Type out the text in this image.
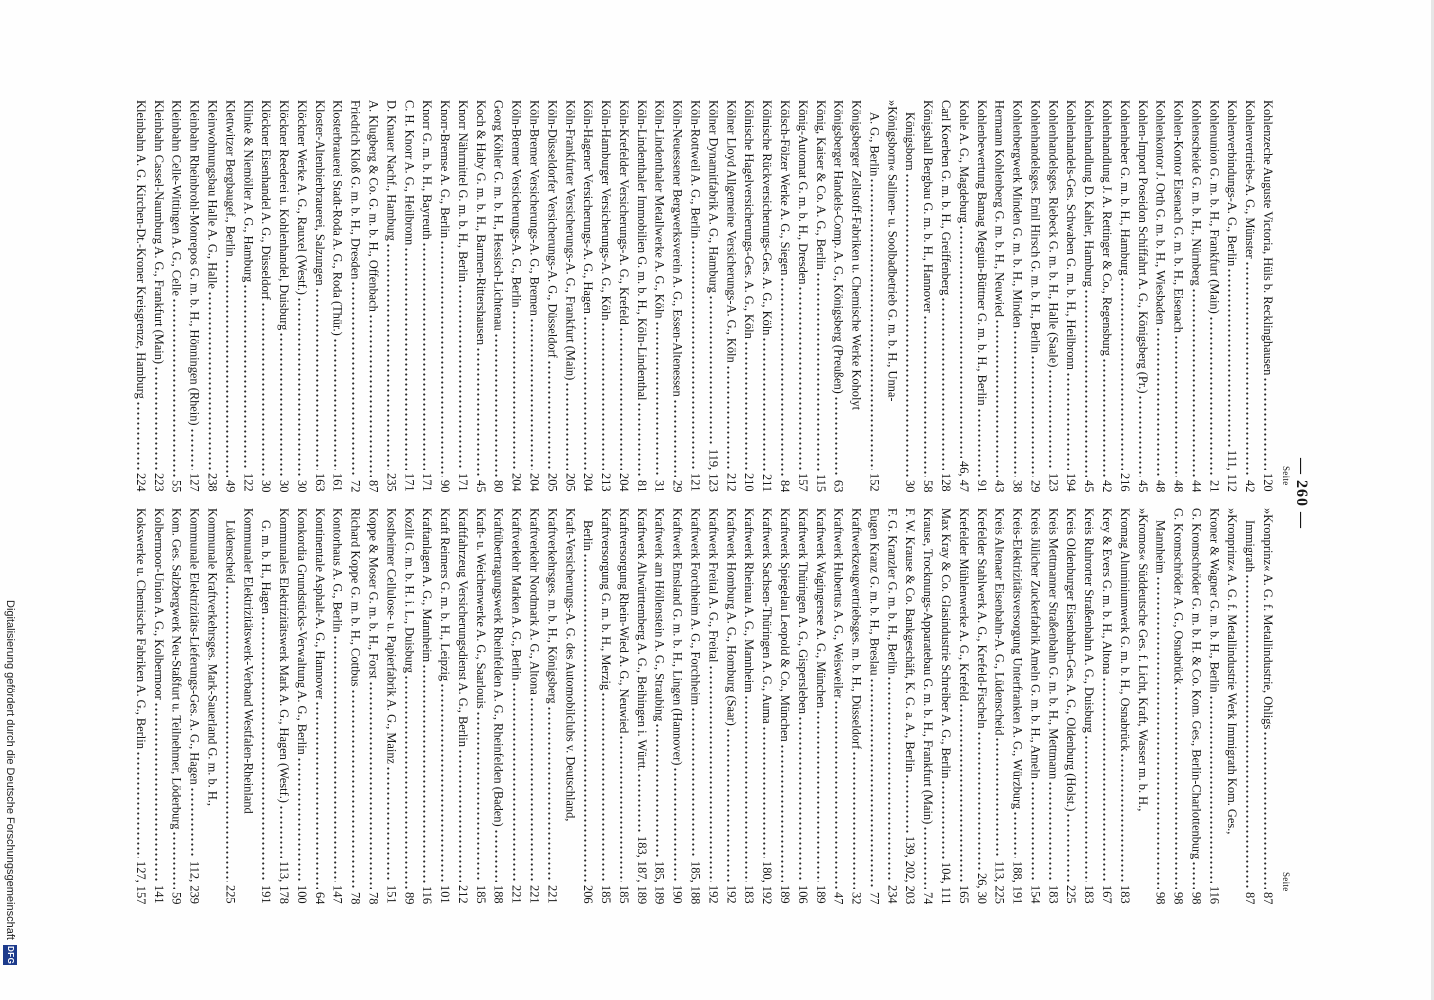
Kleinbahn A. G. Kirchen-Dt.-Kroner Kreisgrenze, Hamburg
224
Kleinbahn Cassel-Naumburg A. G., Frankfurt (Main)
223
Kleinbahn Celle-Wittingen A. G., Celle
55
Kleinbahn Rheinbrohl-Monrepos G. m. b. H., Hönningen (Rhein)
127
Kleinwohnungsbau Halle A. G., Halle
238
Klettwitzer Bergbaugef., Berlin
49
Klinke & Niemöller A. G., Hamburg
122
Klöckner Eisenhandel A. G., Düsseldorf
30
Klöckner Reederei u. Kohlenhandel, Duisburg
30
Klöckner Werke A. G., Rauxel (Westf.)
30
Kloster-Altenbierbrauerei, Salzungen
163
Klosterbrauerei Stadt-Roda A. G., Roda (Thür.)
161
Friedrich Kloß G. m. b. H., Dresden
72
A. Klugberg & Co. G. m. b. H., Offenbach
87
D. Knauer Nachf., Hamburg
235
C. H. Knorr A. G., Heilbronn
171
Knorr G. m. b. H., Bayreuth
171
Knorr-Bremse A. G., Berlin
90
Knorr Nährmittel G. m. b. H., Berlin
171
Koch & Haby G. m. b. H., Barmen-Rittershausen
45
Georg Köhler G. m. b. H., Hessisch-Lichtenau
80
Köln-Bremer Versicherungs-A. G., Berlin
204
Köln-Bremer Versicherungs-A. G., Bremen
204
Köln-Düsseldorfer Versicherungs-A. G., Düsseldorf
205
Köln-Frankfurter Versicherungs-A. G., Frankfurt (Main)
205
Köln-Hagener Versicherungs-A. G., Hagen
204
Köln-Hamburger Versicherungs-A. G., Köln
213
Köln-Krefelder Versicherungs-A. G., Krefeld
204
Köln-Lindenthaler Immobilien G. m. b. H., Köln-Lindenthal
81
Köln-Lindenthaler Metallwerke A. G., Köln
31
Köln-Neuessener Bergwerksverein A. G., Essen-Altenessen
29
Köln-Rottweil A. G., Berlin
121
Kölner Dynamitfabrik A. G., Hamburg
119, 123
Kölner Lloyd Allgemeine Versicherungs-A. G., Köln
212
Kölnische Hagelversicherungs-Ges. A. G., Köln
210
Kölnische Rückversicherungs-Ges. A. G., Köln
211
Kölsch-Fölzer Werke A. G., Siegen
84
König-Automat G. m. b. H., Dresden
157
König, Kaiser & Co. A. G., Berlin
115
Königsberger Handels-Comp. A. G., Königsberg (Preußen)
63
Königsberger Zellstoff-Fabriken u. Chemische Werke Koholyt A. G., Berlin
152
»Königsborn« Salinen- u. Soolbadbetrieb G. m. b. H., Unna- Königsborn
30
Königshall Bergbau G. m. b. H., Hannover
58
Carl Koerben G. m. b. H., Greiffenberg
128
Kohle A. G., Magdeburg
46, 47
Kohlenbewertung Bamag Meguin-Büttner G. m. b. H., Berlin
91
Hermann Kohlenberg G. m. b. H., Neuwied
43
Kohlenbergwerk Minden G. m. b. H., Minden
38
Kohlenhandelsges. Emil Hirsch G. m. b. H., Berlin
29
Kohlenhandelsges. Riebeck G. m. b. H., Halle (Saale)
123
Kohlenhandels-Ges. Schwaben G. m. b. H., Heilbronn
194
Kohlenhandlung D. Kahler, Hamburg
45
Kohlenhandlung J. A. Rettinger & Co., Regensburg
42
Kohlenheber G. m. b. H., Hamburg
216
Kohlen-Import Poseidon Schiffahrt A. G., Königsberg (Pr.)
45
Kohlenkontor J. Orth G. m. b. H., Wiesbaden
48
Kohlen-Kontor Eisenach G. m. b. H., Eisenach
48
Kohlenscheide G. m. b. H., Nürnberg
44
Kohlenunion G. m. b. H., Frankfurt (Main)
21
Kohlenverbindungs-A. G., Berlin
111, 112
Kohlenvertriebs-A. G., Münster
42
Kohlenzeche Auguste Victoria, Hüls b. Recklinghausen
120
Kokswerke u. Chemische Fabriken A. G., Berlin
127, 157
Kolbermoor-Union A. G., Kolbermoor
141
Kom. Ges. Salzbergwerk Neu-Staßfurt u. Teilnehmer, Löderburg
59
Kommunale Elektrizitäts-Lieferungs-Ges. A. G., Hagen
112, 239
Kommunale Kraftverkehrsges. Mark-Sauerland G. m. b. H., Lüdenscheid
225
Kommunaler Elektrizitätswerk-Verband Westfalen-Rheinland G. m. b. H., Hagen
191
Kommunales Elektrizitätswerk Mark A. G., Hagen (Westf.)
113, 178
Konkordia Grundstücks-Verwaltung A. G., Berlin
100
Kontinentale Asphalt-A. G., Hannover
64
Kontorhaus A. G., Berlin
147
Richard Koppe G. m. b. H., Cottbus
78
Koppe & Moser G. m. b. H., Forst
78
Kostheimer Cellulose- u. Papierfabrik A. G., Mainz
151
Kozlit G. m. b. H. i. L., Duisburg
89
Kraftanlagen A. G., Mannheim
116
Kraft Reimers G. m. b. H., Leipzig
101
Kraftfahrzeug Versicherungsdienst A. G., Berlin
212
Kraft- u. Weichenwerke A. G., Saarlouis
185
Kraftübertragungswerk Rheinfelden A. G., Rheinfelden (Baden)
188
Kraftverkehr Marken A. G., Berlin
221
Kraftverkehr Nordmark A. G., Altona
221
Kraftverkehrsges. m. b. H., Königsberg
221
Kraft-Versicherungs-A. G. des Automobilclubs v. Deutschland, Berlin
206
Kraftversorgung G. m. b. H., Merzig
185
Kraftversorgung Rhein-Wied A. G., Neuwied
185
Kraftwerk Altwürttemberg A. G., Beihingen i. Württ.
183, 187, 189
Kraftwerk am Höllenstein A. G., Straubing
185, 189
Kraftwerk Emsland G. m. b. H., Lingen (Hannover)
190
Kraftwerk Forchheim A. G., Forchheim
185, 188
Kraftwerk Freital A. G., Freital
192
Kraftwerk Homburg A. G., Homburg (Saar)
192
Kraftwerk Rheinau A. G., Mannheim
183
Kraftwerk Sachsen-Thüringen A. G., Auma
180, 192
Kraftwerk Spiegelau Leopold & Co., München
189
Kraftwerk Thüringen A. G., Gispersleben
106
Kraftwerk Wagingersee A. G., München
189
Kraftwerk Hubertus A. G., Weisweiler
47
Kraftwerkzeugvertriebsges. m. b. H., Düsseldorf
32
Eugen Kranz G. m. b. H., Breslau
77
F. G. Kranzler G. m. b. H., Berlin
234
F. W. Krause & Co. Bankgeschäft, K. G. a. A., Berlin
139, 202, 203
Krause, Trocknungs-Apparatebau G. m. b. H., Frankfurt (Main)
74
Max Kray & Co. Glasindustrie Schreiber A. G., Berlin
104, 111
Krefelder Mühlenwerke A. G., Krefeld
165
Krefelder Stahlwerk A. G., Krefeld-Fischeln
26, 30
Kreis Altenaer Eisenbahn-A. G., Lüdenscheid
113, 225
Kreis-Elektrizitätsversorgung Unterfranken A. G., Würzburg
188, 191
Kreis Jülicher Zuckerfabrik Ameln G. m. b. H., Ameln
154
Kreis Mettmanner Straßenbahn G. m. b. H., Mettmann
183
Kreis Oldenburger Eisenbahn-Ges. A. G., Oldenburg (Holst.)
225
Kreis Ruhrorter Straßenbahn A. G., Duisburg
183
Krey & Evers G. m. b. H., Altona
167
Kromag Aluminiumwerk G. m. b. H., Osnabrück
183
»Kromos« Süddeutsche Ges. f. Licht, Kraft, Wasser m. b. H., Mannheim
98
G. Kromschröder A. G., Osnabrück
98
G. Kromschröder G. m. b. H. & Co. Kom. Ges., Berlin-Charlottenburg
98
Kroner & Wagner G. m. b. H., Berlin
116
»Kronprinz« A. G. f. Metallindustrie Werk Immigrath Kom. Ges., Immigrath
87
»Kronprinz« A. G. f. Metallindustrie, Ohligs
87
Seite — 260 —
Seite
Digitalisierung gefördert durch die Deutsche Forschungsgemeinschaft
DFG
